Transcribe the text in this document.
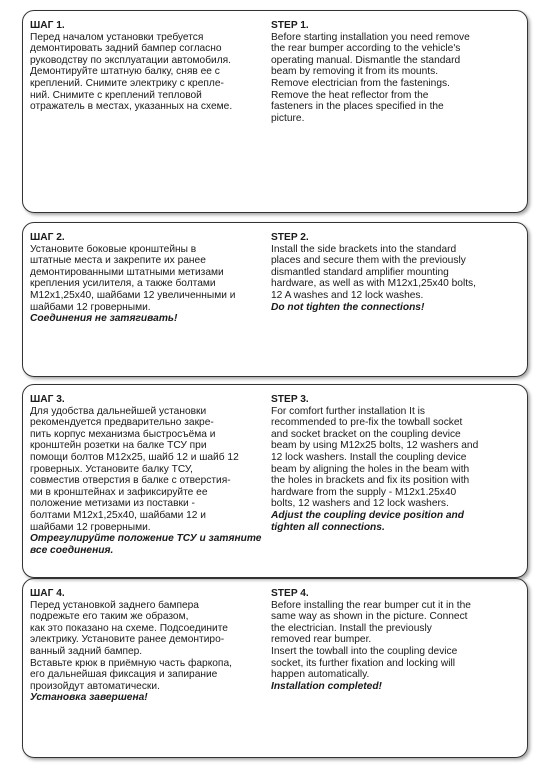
ШАГ 1.
Перед началом установки требуется
демонтировать задний бампер согласно
руководству по эксплуатации автомобиля.
Демонтируйте штатную балку, сняв ее с
креплений. Снимите электрику с крепле-
ний. Снимите с креплений тепловой
отражатель в местах, указанных на схеме.
STEP 1.
Before starting installation you need remove
the rear bumper according to the vehicle's
operating manual. Dismantle the standard
beam by removing it from its mounts.
Remove electrician from the fastenings.
Remove the heat reflector from the
fasteners in the places specified in the
picture.
ШАГ 2.
Установите боковые кронштейны в
штатные места и закрепите их ранее
демонтированными штатными метизами
крепления усилителя, а также болтами
М12х1,25х40, шайбами 12 увеличенными и
шайбами 12 гроверными.
Соединения не затягивать!
STEP 2.
Install the side brackets into the standard
places and secure them with the previously
dismantled standard amplifier mounting
hardware, as well as with M12x1,25x40 bolts,
12 A washes and 12 lock washes.
Do not tighten the connections!
ШАГ 3.
Для удобства дальнейшей установки
рекомендуется предварительно закре-
пить корпус механизма быстросъёма и
кронштейн розетки на балке ТСУ при
помощи болтов М12х25, шайб 12 и шайб 12
гроверных. Установите балку ТСУ,
совместив отверстия в балке с отверстия-
ми в кронштейнах и зафиксируйте ее
положение метизами из поставки -
болтами М12х1,25х40, шайбами 12 и
шайбами 12 гроверными.
Отрегулируйте положение ТСУ и затяните
все соединения.
STEP 3.
For comfort further installation It is
recommended to pre-fix the towball socket
and socket bracket on the coupling device
beam by using M12x25 bolts, 12 washers and
12 lock washers. Install the coupling device
beam by aligning the holes in the beam with
the holes in brackets and fix its position with
hardware from the supply - M12x1.25x40
bolts, 12 washers and 12 lock washers.
Adjust the coupling device position and
tighten all connections.
ШАГ 4.
Перед установкой заднего бампера
подрежьте его таким же образом,
как это показано на схеме. Подсоедините
электрику. Установите ранее демонтиро-
ванный задний бампер.
Вставьте крюк в приёмную часть фаркопа,
его дальнейшая фиксация и запирание
произойдут автоматически.
Установка завершена!
STEP 4.
Before installing the rear bumper cut it in the
same way as shown in the picture. Connect
the electrician. Install the previously
removed rear bumper.
Insert the towball into the coupling device
socket, its further fixation and locking will
happen automatically.
Installation completed!
